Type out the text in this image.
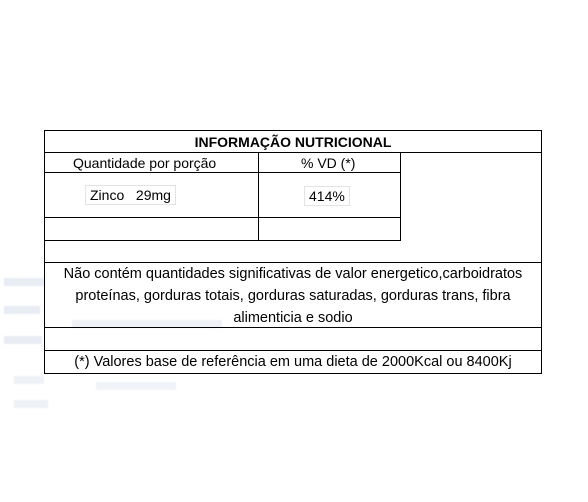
INFORMAÇÃO NUTRICIONAL
Quantidade por porção	% VD (*)
Zinco   29mg	414%
Não contém quantidades significativas de valor energetico,carboidratos
proteínas, gorduras totais, gorduras saturadas, gorduras trans, fibra
alimenticia e sodio
(*) Valores base de referência em uma dieta de 2000Kcal ou 8400Kj
